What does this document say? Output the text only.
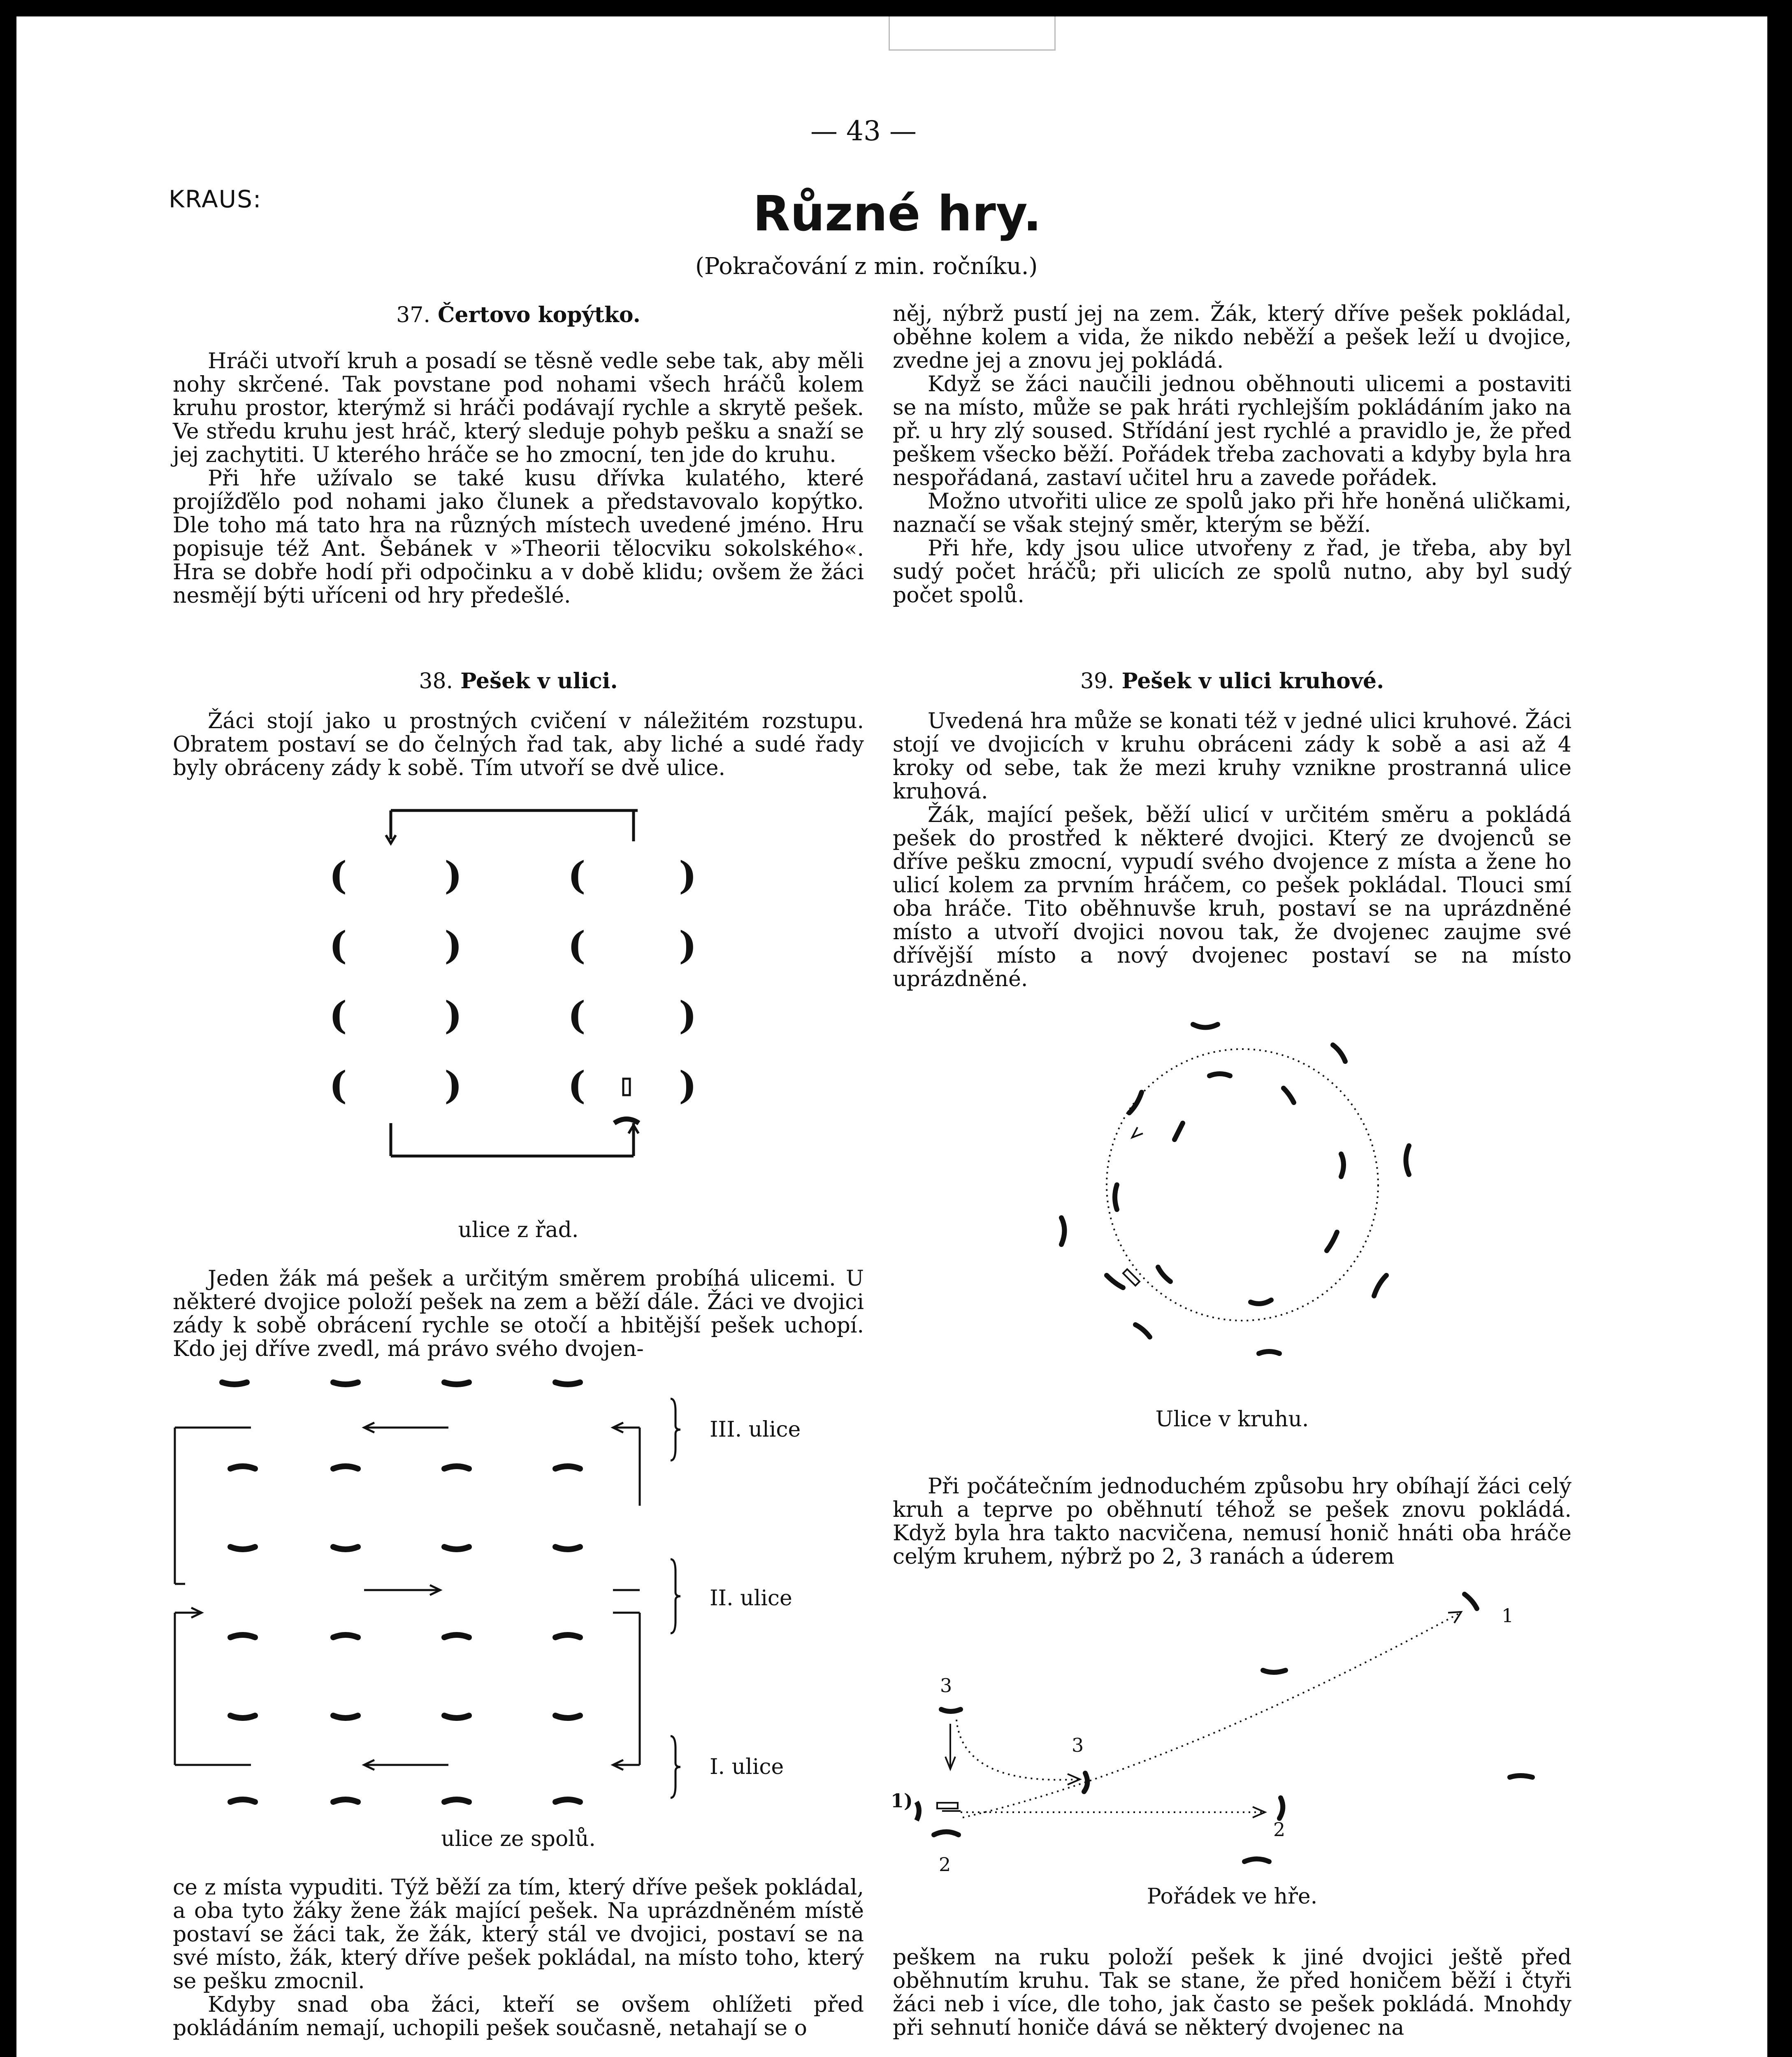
— 43 —
KRAUS:	Různé hry.
(Pokračování z min. ročníku.)
37. Čertovo kopýtko.

Hráči utvoří kruh a posadí se těsně vedle sebe tak, aby měli nohy skrčené. Tak povstane pod nohami všech hráčů kolem kruhu prostor, kterýmž si hráči podávají rychle a skrytě pešek. Ve středu kruhu jest hráč, který sleduje pohyb pešku a snaží se jej zachytiti. U kterého hráče se ho zmocní, ten jde do kruhu.

Při hře užívalo se také kusu dřívka kulatého, které projížďělo pod nohami jako člunek a představovalo kopýtko. Dle toho má tato hra na různých místech uvedené jméno. Hru popisuje též Ant. Šebánek v »Theorii tělocviku sokolského«. Hra se dobře hodí při odpočinku a v době klidu; ovšem že žáci nesmějí býti uříceni od hry předešlé.

38. Pešek v ulici.

Žáci stojí jako u prostných cvičení v náležitém rozstupu. Obratem postaví se do čelných řad tak, aby liché a sudé řady byly obráceny zády k sobě. Tím utvoří se dvě ulice.

(	)	( )
(	)	( )
(	)	( )
(	)	( )
ulice z řad.

Jeden žák má pešek a určitým směrem probíhá ulicemi. U některé dvojice položí pešek na zem a běží dále. Žáci ve dvojici zády k sobě obrácení rychle se otočí a hbitější pešek uchopí. Kdo jej dříve zvedl, má právo svého dvojen-

III. ulice
II. ulice
I. ulice
ulice ze spolů.

ce z místa vypuditi. Týž běží za tím, který dříve pešek pokládal, a oba tyto žáky žene žák mající pešek. Na uprázdněném místě postaví se žáci tak, že žák, který stál ve dvojici, postaví se na své místo, žák, který dříve pešek pokládal, na místo toho, který se pešku zmocnil.

Kdyby snad oba žáci, kteří se ovšem ohlížeti před pokládáním nemají, uchopili pešek současně, netahají se o

něj, nýbrž pustí jej na zem. Žák, který dříve pešek pokládal, oběhne kolem a vida, že nikdo neběží a pešek leží u dvojice, zvedne jej a znovu jej pokládá.

Když se žáci naučili jednou oběhnouti ulicemi a postaviti se na místo, může se pak hráti rychlejším pokládáním jako na př. u hry zlý soused. Střídání jest rychlé a pravidlo je, že před peškem všecko běží. Pořádek třeba zachovati a kdyby byla hra nespořádaná, zastaví učitel hru a zavede pořádek.

Možno utvořiti ulice ze spolů jako při hře honěná uličkami, naznačí se však stejný směr, kterým se běží.

Při hře, kdy jsou ulice utvořeny z řad, je třeba, aby byl sudý počet hráčů; při ulicích ze spolů nutno, aby byl sudý počet spolů.

39. Pešek v ulici kruhové.

Uvedená hra může se konati též v jedné ulici kruhové. Žáci stojí ve dvojicích v kruhu obráceni zády k sobě a asi až 4 kroky od sebe, tak že mezi kruhy vznikne prostranná ulice kruhová.

Žák, mající pešek, běží ulicí v určitém směru a pokládá pešek do prostřed k některé dvojici. Který ze dvojenců se dříve pešku zmocní, vypudí svého dvojence z místa a žene ho ulicí kolem za prvním hráčem, co pešek pokládal. Tlouci smí oba hráče. Tito oběhnuvše kruh, postaví se na uprázdněné místo a utvoří dvojici novou tak, že dvojenec zaujme své dřívější místo a nový dvojenec postaví se na místo uprázdněné.

Ulice v kruhu.

Při počátečním jednoduchém způsobu hry obíhají žáci celý kruh a teprve po oběhnutí téhož se pešek znovu pokládá. Když byla hra takto nacvičena, nemusí honič hnáti oba hráče celým kruhem, nýbrž po 2, 3 ranách a úderem

1
2
3
1)
2
3
Pořádek ve hře.

peškem na ruku položí pešek k jiné dvojici ještě před oběhnutím kruhu. Tak se stane, že před honičem běží i čtyři žáci neb i více, dle toho, jak často se pešek pokládá. Mnohdy při sehnutí honiče dává se některý dvojenec na
